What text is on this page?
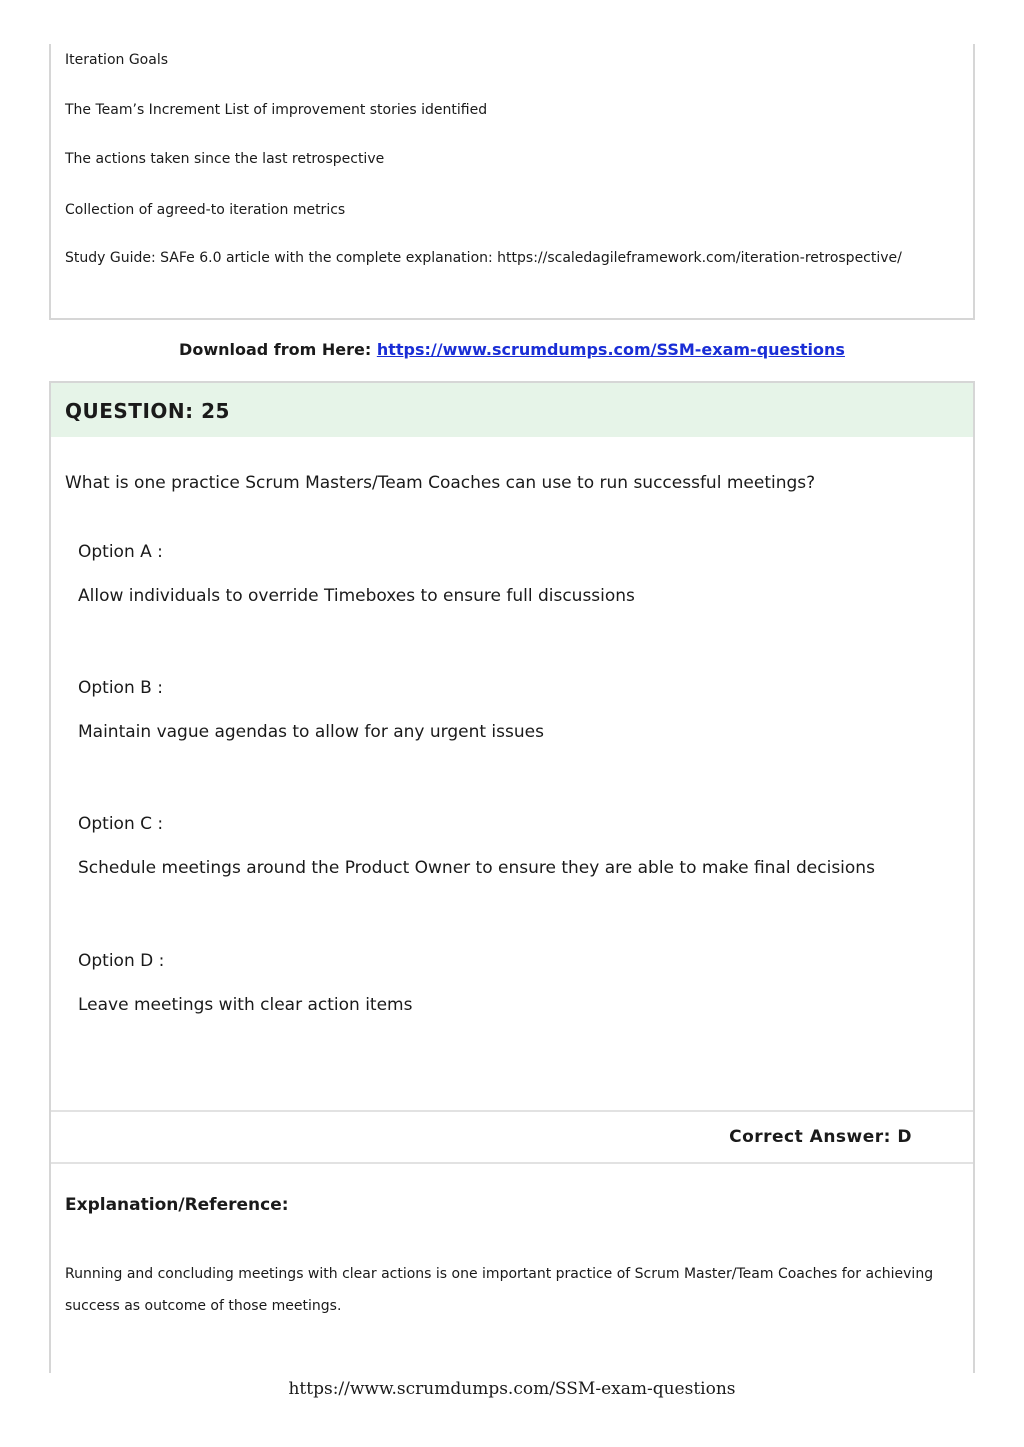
Iteration Goals
The Team’s Increment List of improvement stories identified
The actions taken since the last retrospective
Collection of agreed-to iteration metrics
Study Guide: SAFe 6.0 article with the complete explanation: https://scaledagileframework.com/iteration-retrospective/
Download from Here: https://www.scrumdumps.com/SSM-exam-questions
QUESTION: 25
What is one practice Scrum Masters/Team Coaches can use to run successful meetings?
Option A :
Allow individuals to override Timeboxes to ensure full discussions
Option B :
Maintain vague agendas to allow for any urgent issues
Option C :
Schedule meetings around the Product Owner to ensure they are able to make final decisions
Option D :
Leave meetings with clear action items
Correct Answer: D
Explanation/Reference:
Running and concluding meetings with clear actions is one important practice of Scrum Master/Team Coaches for achieving success as outcome of those meetings.
https://www.scrumdumps.com/SSM-exam-questions
